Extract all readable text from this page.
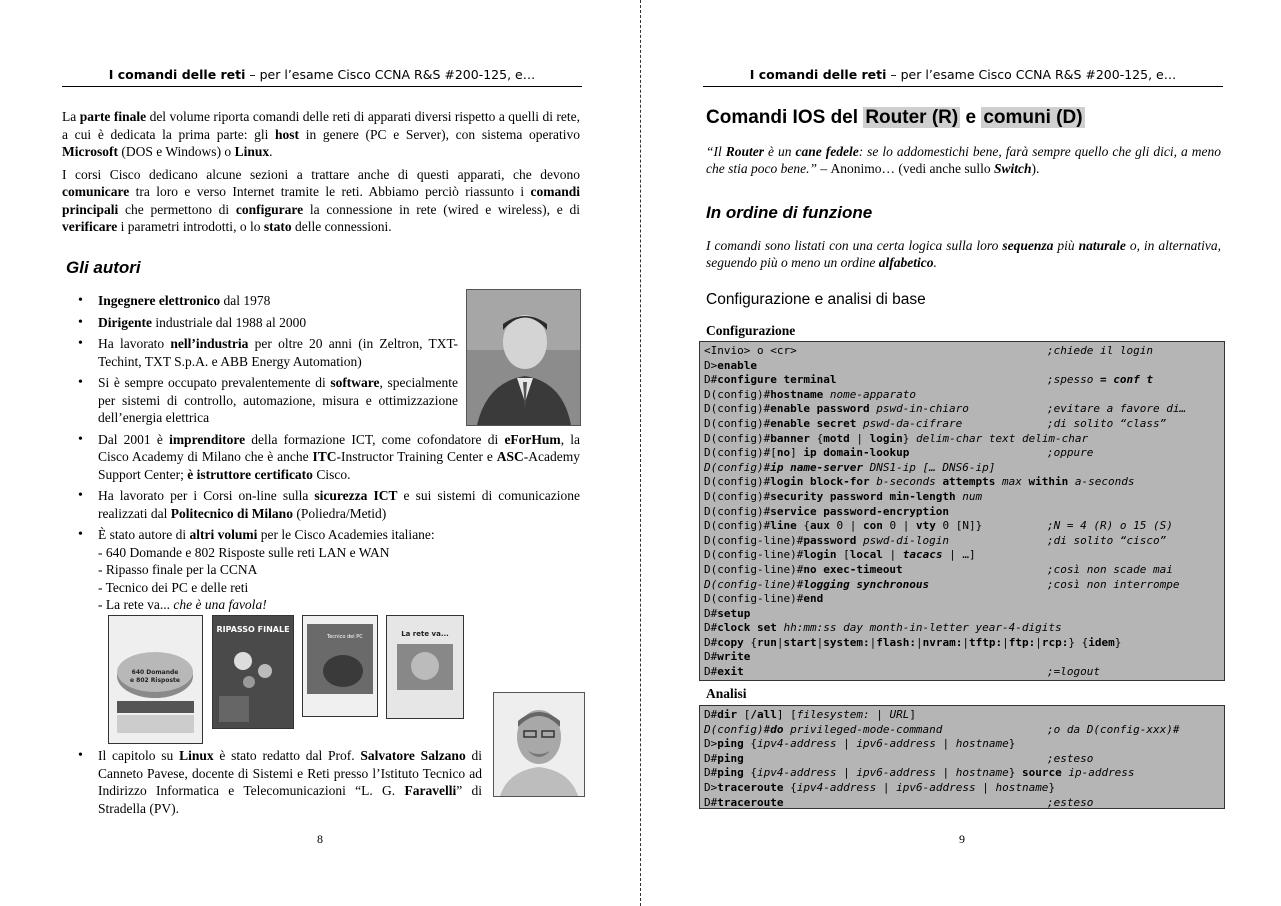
I comandi delle reti – per l’esame Cisco CCNA R&S #200-125, e…

La parte finale del volume riporta comandi delle reti di apparati diversi rispetto a quelli di rete, a cui è dedicata la prima parte: gli host in genere (PC e Server), con sistema operativo Microsoft (DOS e Windows) o Linux.

I corsi Cisco dedicano alcune sezioni a trattare anche di questi apparati, che devono comunicare tra loro e verso Internet tramite le reti. Abbiamo perciò riassunto i comandi principali che permettono di configurare la connessione in rete (wired e wireless), e di verificare i parametri introdotti, o lo stato delle connessioni.

Gli autori
• Ingegnere elettronico dal 1978
• Dirigente industriale dal 1988 al 2000
• Ha lavorato nell’industria per oltre 20 anni (in Zeltron, TXT-Techint, TXT S.p.A. e ABB Energy Automation)
• Si è sempre occupato prevalentemente di software, specialmente per sistemi di controllo, automazione, misura e ottimizzazione dell’energia elettrica
• Dal 2001 è imprenditore della formazione ICT, come cofondatore di eForHum, la Cisco Academy di Milano che è anche ITC-Instructor Training Center e ASC-Academy Support Center; è istruttore certificato Cisco.
• Ha lavorato per i Corsi on-line sulla sicurezza ICT e sui sistemi di comunicazione realizzati dal Politecnico di Milano (Poliedra/Metid)
• È stato autore di altri volumi per le Cisco Academies italiane:
- 640 Domande e 802 Risposte sulle reti LAN e WAN
- Ripasso finale per la CCNA
- Tecnico dei PC e delle reti
- La rete va... che è una favola!
640 Domande
e 802 Risposte
RIPASSO FINALE
Tecnico dei PC	La rete va...
• Il capitolo su Linux è stato redatto dal Prof. Salvatore Salzano di Canneto Pavese, docente di Sistemi e Reti presso l’Istituto Tecnico ad Indirizzo Informatica e Telecomunicazioni “L. G. Faravelli” di Stradella (PV).
8
I comandi delle reti – per l’esame Cisco CCNA R&S #200-125, e…
Comandi IOS del Router (R) e comuni (D)
“Il Router è un cane fedele: se lo addomestichi bene, farà sempre quello che gli dici, a meno che stia poco bene.” – Anonimo… (vedi anche sullo Switch).
In ordine di funzione
I comandi sono listati con una certa logica sulla loro sequenza più naturale o, in alternativa, seguendo più o meno un ordine alfabetico.
Configurazione e analisi di base
Configurazione
<Invio> o <cr>	;chiede il login
D>enable
D#configure terminal	;spesso = conf t
D(config)#hostname nome-apparato
D(config)#enable password pswd-in-chiaro	;evitare a favore di…
D(config)#enable secret pswd-da-cifrare	;di solito “class”
D(config)#banner {motd | login} delim-char text delim-char
D(config)#[no] ip domain-lookup	;oppure
D(config)#ip name-server DNS1-ip [… DNS6-ip]
D(config)#login block-for b-seconds attempts max within a-seconds
D(config)#security password min-length num
D(config)#service password-encryption
D(config)#line {aux 0 | con 0 | vty 0 [N]}	;N = 4 (R) o 15 (S)
D(config-line)#password pswd-di-login	;di solito “cisco”
D(config-line)#login [local | tacacs | …]
D(config-line)#no exec-timeout	;così non scade mai
D(config-line)#logging synchronous	;così non interrompe
D(config-line)#end
D#setup
D#clock set hh:mm:ss day month-in-letter year-4-digits
D#copy {run|start|system:|flash:|nvram:|tftp:|ftp:|rcp:} {idem}
D#write
D#exit	;=logout
Analisi
D#dir [/all] [filesystem: | URL]
D(config)#do privileged-mode-command	;o da D(config-xxx)#
D>ping {ipv4-address | ipv6-address | hostname}
D#ping	;esteso
D#ping {ipv4-address | ipv6-address | hostname} source ip-address
D>traceroute {ipv4-address | ipv6-address | hostname}
D#traceroute	;esteso
9
